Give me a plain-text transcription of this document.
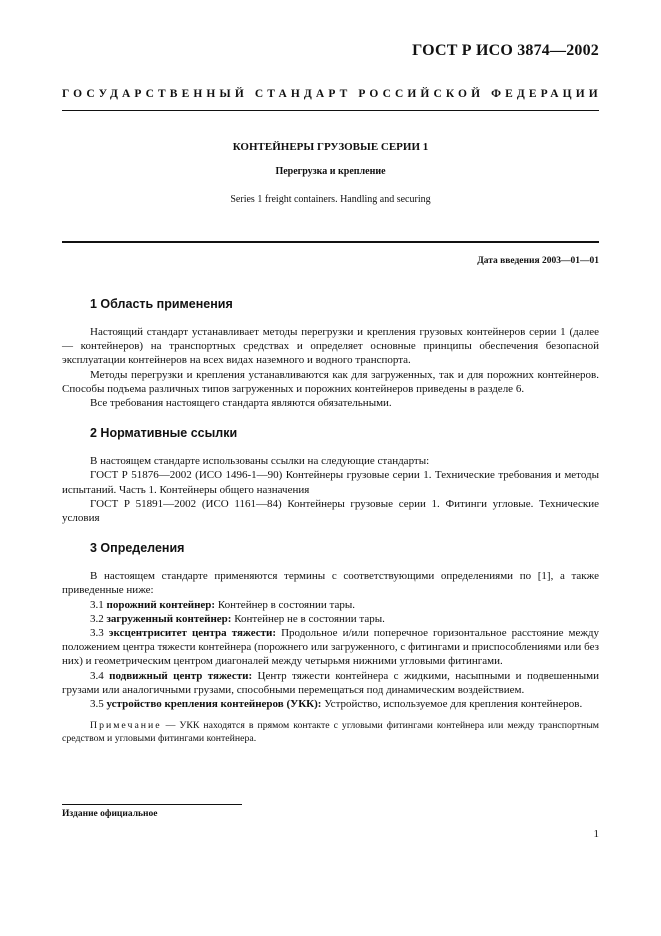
ГОСТ Р ИСО 3874—2002
ГОСУДАРСТВЕННЫЙ СТАНДАРТ РОССИЙСКОЙ ФЕДЕРАЦИИ
КОНТЕЙНЕРЫ ГРУЗОВЫЕ СЕРИИ 1
Перегрузка и крепление
Series 1 freight containers. Handling and securing
Дата введения 2003—01—01
1 Область применения

Настоящий стандарт устанавливает методы перегрузки и крепления грузовых контейнеров серии 1 (далее — контейнеров) на транспортных средствах и определяет основные принципы обеспечения безопасной эксплуатации контейнеров на всех видах наземного и водного транспорта.

Методы перегрузки и крепления устанавливаются как для загруженных, так и для порожних контейнеров. Способы подъема различных типов загруженных и порожних контейнеров приведены в разделе 6.

Все требования настоящего стандарта являются обязательными.

2 Нормативные ссылки

В настоящем стандарте использованы ссылки на следующие стандарты:

ГОСТ Р 51876—2002 (ИСО 1496-1—90) Контейнеры грузовые серии 1. Технические требования и методы испытаний. Часть 1. Контейнеры общего назначения

ГОСТ Р 51891—2002 (ИСО 1161—84) Контейнеры грузовые серии 1. Фитинги угловые. Технические условия

3 Определения

В настоящем стандарте применяются термины с соответствующими определениями по [1], а также приведенные ниже:

3.1 порожний контейнер: Контейнер в состоянии тары.

3.2 загруженный контейнер: Контейнер не в состоянии тары.

3.3 эксцентриситет центра тяжести: Продольное и/или поперечное горизонтальное расстояние между положением центра тяжести контейнера (порожнего или загруженного, с фитингами и приспособлениями или без них) и геометрическим центром диагоналей между четырьмя нижними угловыми фитингами.

3.4 подвижный центр тяжести: Центр тяжести контейнера с жидкими, насыпными и подвешенными грузами или аналогичными грузами, способными перемещаться под динамическим воздействием.

3.5 устройство крепления контейнеров (УКК): Устройство, используемое для крепления контейнеров.

Примечание — УКК находятся в прямом контакте с угловыми фитингами контейнера или между транспортным средством и угловыми фитингами контейнера.
Издание официальное
1
